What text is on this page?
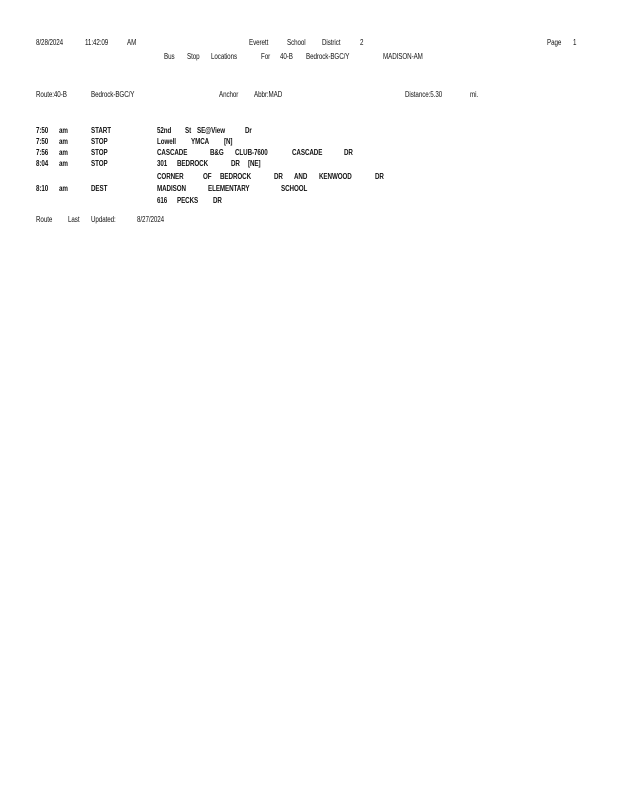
8/28/2024	11:42:09 AM	Everett School District 2	Page 1
Bus Stop Locations	For 40-B Bedrock-BGC/Y	MADISON-AM
Route:40-B	Bedrock-BGC/Y	Anchor Abbr:MAD	Distance:5.30	mi.
7:50 am	START	52nd St SE@View	Dr
7:50 am	STOP	Lowell YMCA [N]
7:56 am	STOP	CASCADE	B&G CLUB-7600	CASCADE	DR
8:04 am	STOP	301 BEDROCK	DR [NE]
CORNER OF BEDROCK	DR AND KENWOOD	DR
8:10 am	DEST	MADISON	ELEMENTARY	SCHOOL
616 PECKS DR
Route Last Updated:	8/27/2024
